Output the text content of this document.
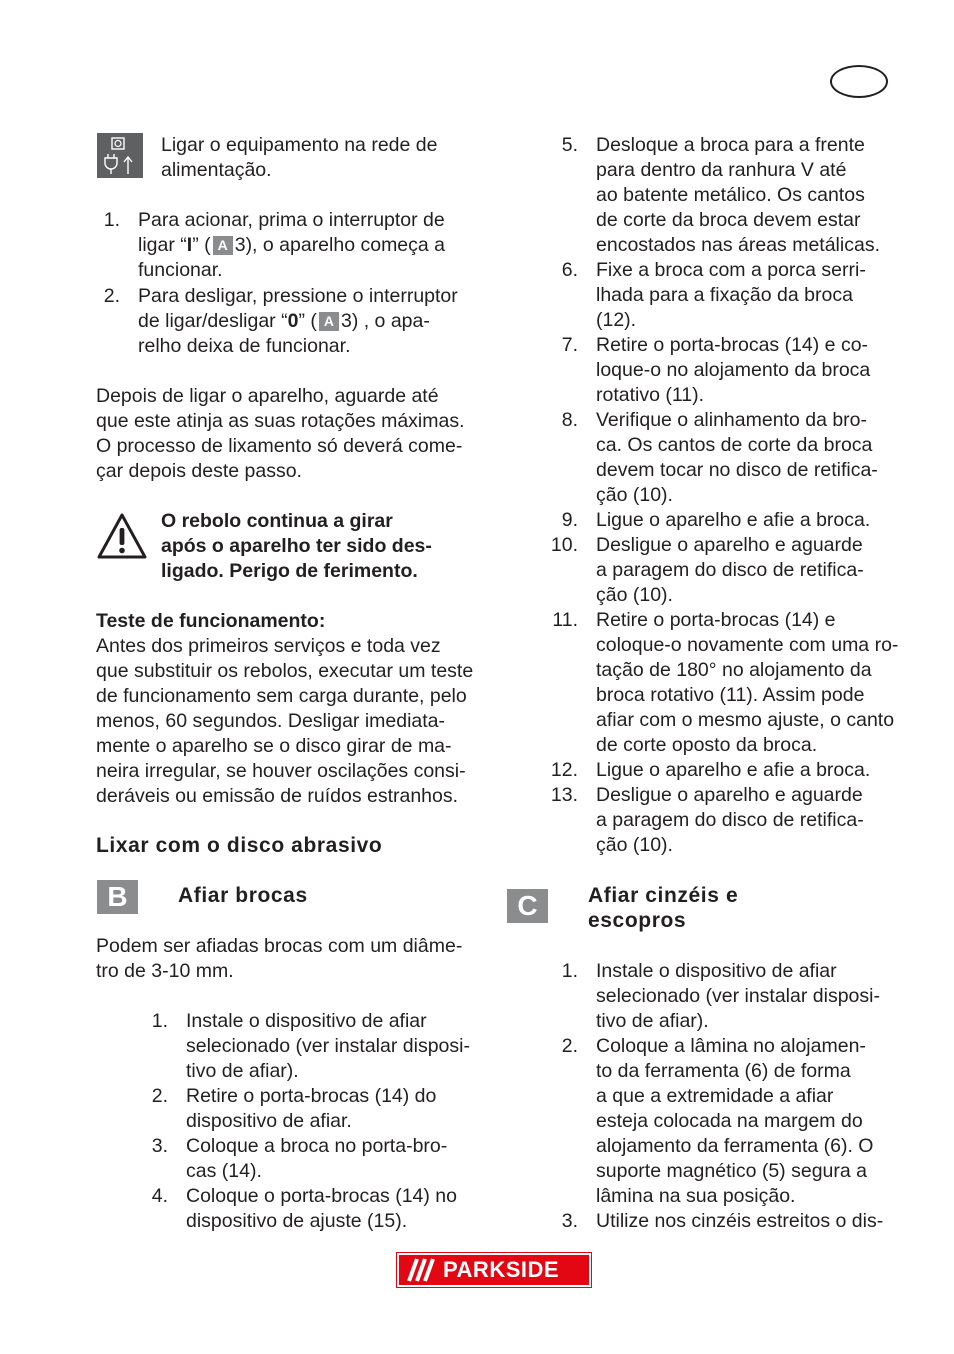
Ligar o equipamento na rede de
alimentação.
1. Para acionar, prima o interruptor de
ligar “I” ( A 3), o aparelho começa a
funcionar.
2. Para desligar, pressione o interruptor
de ligar/desligar “0” ( A 3) , o apa-
relho deixa de funcionar.
Depois de ligar o aparelho, aguarde até
que este atinja as suas rotações máximas.
O processo de lixamento só deverá come-
çar depois deste passo.
O rebolo continua a girar
após o aparelho ter sido des-
ligado. Perigo de ferimento.
Teste de funcionamento:
Antes dos primeiros serviços e toda vez
que substituir os rebolos, executar um teste
de funcionamento sem carga durante, pelo
menos, 60 segundos. Desligar imediata-
mente o aparelho se o disco girar de ma-
neira irregular, se houver oscilações consi-
deráveis ou emissão de ruídos estranhos.
Lixar com o disco abrasivo
B	Afiar brocas
Podem ser afiadas brocas com um diâme-
tro de 3-10 mm.
1. Instale o dispositivo de afiar
selecionado (ver instalar disposi-
tivo de afiar).
2. Retire o porta-brocas (14) do
dispositivo de afiar.
3. Coloque a broca no porta-bro-
cas (14).
4. Coloque o porta-brocas (14) no
dispositivo de ajuste (15).
5. Desloque a broca para a frente
para dentro da ranhura V até
ao batente metálico. Os cantos
de corte da broca devem estar
encostados nas áreas metálicas.
6. Fixe a broca com a porca serri-
lhada para a fixação da broca
(12).
7. Retire o porta-brocas (14) e co-
loque-o no alojamento da broca
rotativo (11).
8. Verifique o alinhamento da bro-
ca. Os cantos de corte da broca
devem tocar no disco de retifica-
ção (10).
9. Ligue o aparelho e afie a broca.
10. Desligue o aparelho e aguarde
a paragem do disco de retifica-
ção (10).
11. Retire o porta-brocas (14) e
coloque-o novamente com uma ro-
tação de 180° no alojamento da
broca rotativo (11). Assim pode
afiar com o mesmo ajuste, o canto
de corte oposto da broca.
12. Ligue o aparelho e afie a broca.
13. Desligue o aparelho e aguarde
a paragem do disco de retifica-
ção (10).
C	Afiar cinzéis e
escopros
1. Instale o dispositivo de afiar
selecionado (ver instalar disposi-
tivo de afiar).
2. Coloque a lâmina no alojamen-
to da ferramenta (6) de forma
a que a extremidade a afiar
esteja colocada na margem do
alojamento da ferramenta (6). O
suporte magnético (5) segura a
lâmina na sua posição.
3. Utilize nos cinzéis estreitos o dis-
PARKSIDE
